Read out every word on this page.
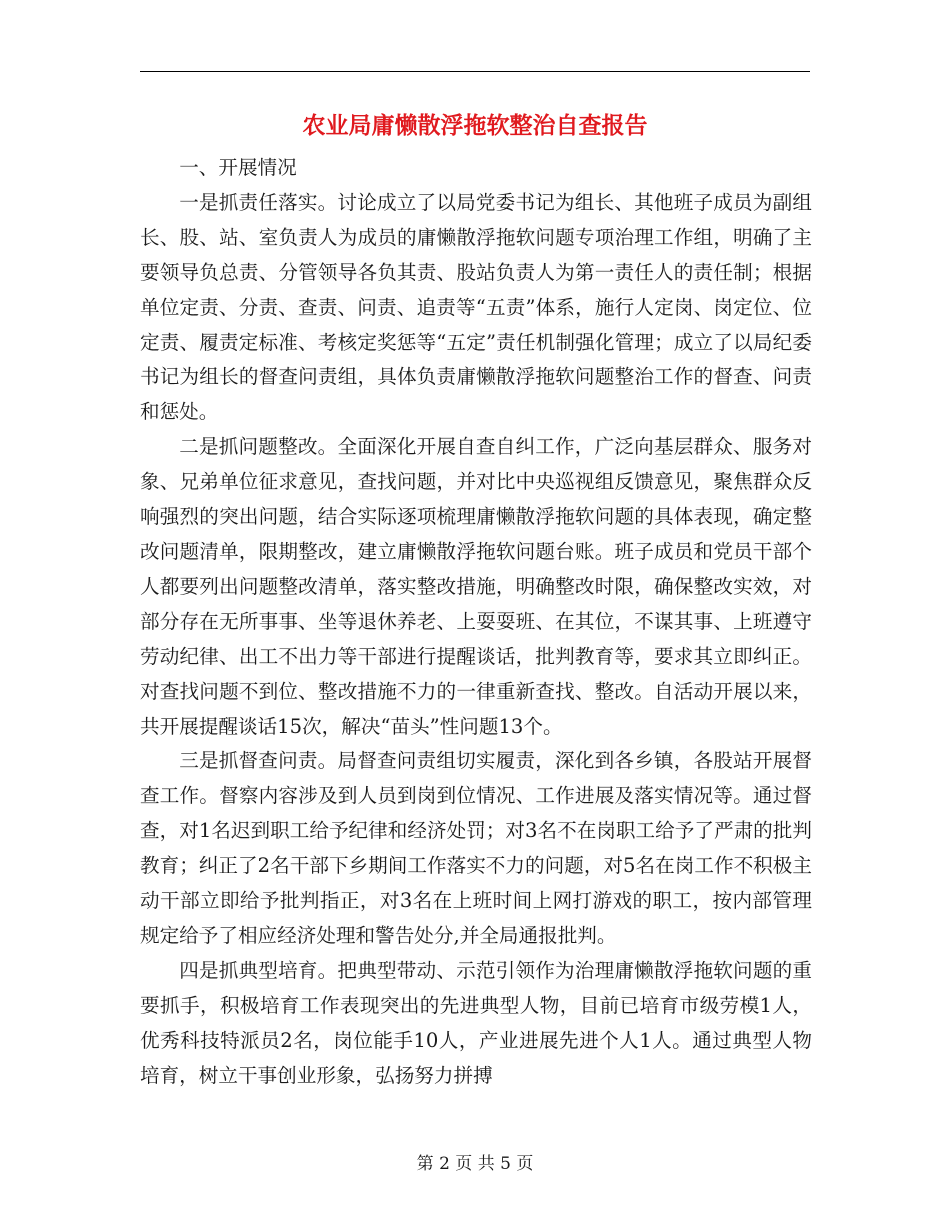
农业局庸懒散浮拖软整治自查报告

一、开展情况

一是抓责任落实。讨论成立了以局党委书记为组长、其他班子成员为副组长、股、站、室负责人为成员的庸懒散浮拖软问题专项治理工作组，明确了主要领导负总责、分管领导各负其责、股站负责人为第一责任人的责任制；根据单位定责、分责、查责、问责、追责等“五责”体系，施行人定岗、岗定位、位定责、履责定标准、考核定奖惩等“五定”责任机制强化管理；成立了以局纪委书记为组长的督查问责组，具体负责庸懒散浮拖软问题整治工作的督查、问责和惩处。

二是抓问题整改。全面深化开展自查自纠工作，广泛向基层群众、服务对象、兄弟单位征求意见，查找问题，并对比中央巡视组反馈意见，聚焦群众反响强烈的突出问题，结合实际逐项梳理庸懒散浮拖软问题的具体表现，确定整改问题清单，限期整改，建立庸懒散浮拖软问题台账。班子成员和党员干部个人都要列出问题整改清单，落实整改措施，明确整改时限，确保整改实效，对部分存在无所事事、坐等退休养老、上耍耍班、在其位，不谋其事、上班遵守劳动纪律、出工不出力等干部进行提醒谈话，批判教育等，要求其立即纠正。对查找问题不到位、整改措施不力的一律重新查找、整改。自活动开展以来，共开展提醒谈话15次，解决“苗头”性问题13个。

三是抓督查问责。局督查问责组切实履责，深化到各乡镇，各股站开展督查工作。督察内容涉及到人员到岗到位情况、工作进展及落实情况等。通过督查，对1名迟到职工给予纪律和经济处罚；对3名不在岗职工给予了严肃的批判教育；纠正了2名干部下乡期间工作落实不力的问题，对5名在岗工作不积极主动干部立即给予批判指正，对3名在上班时间上网打游戏的职工，按内部管理规定给予了相应经济处理和警告处分,并全局通报批判。

四是抓典型培育。把典型带动、示范引领作为治理庸懒散浮拖软问题的重要抓手，积极培育工作表现突出的先进典型人物，目前已培育市级劳模1人，优秀科技特派员2名，岗位能手10人，产业进展先进个人1人。通过典型人物培育，树立干事创业形象，弘扬努力拼搏

第 2 页 共 5 页
